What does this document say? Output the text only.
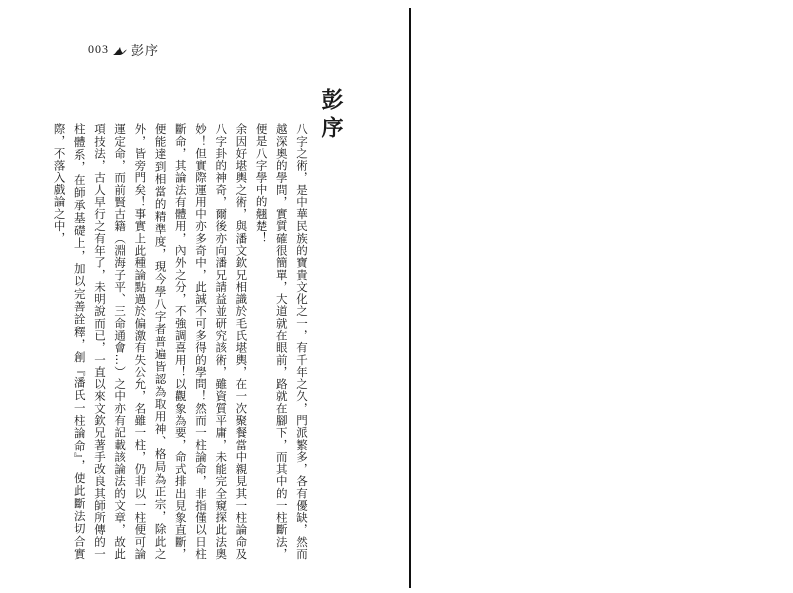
003 彭序
彭序
八字之術，是中華民族的寶貴文化之一，有千年之久，門派繁多，各有優缺，然而越深奧的學問，實質確很簡單，大道就在眼前，路就在腳下，而其中的一柱斷法，便是八字學中的翹楚！
余因好堪輿之術，與潘文欽兄相識於毛氏堪輿，在一次聚餐當中親見其一柱論命及八字卦的神奇，爾後亦向潘兄請益並研究該術，雖資質平庸，未能完全窺探此法奧妙！但實際運用中亦多奇中，此誠不可多得的學問！然而一柱論命，非指僅以日柱斷命，其論法有體用，內外之分，不強調喜用！以觀象為要，命式排出見象直斷，便能達到相當的精準度，現今學八字者普遍皆認為取用神、格局為正宗，除此之外，皆旁門矣！事實上此種論點過於偏激有失公允，名雖一柱，仍非以一柱便可論運定命，而前賢古籍（淵海子平、三命通會…）之中亦有記載該論法的文章，故此項技法，古人早行之有年了，未明說而已，一直以來文欽兄著手改良其師所傳的一柱體系，在師承基礎上，加以完善詮釋，創『潘氏一柱論命』，使此斷法切合實際，不落入戲論之中，
